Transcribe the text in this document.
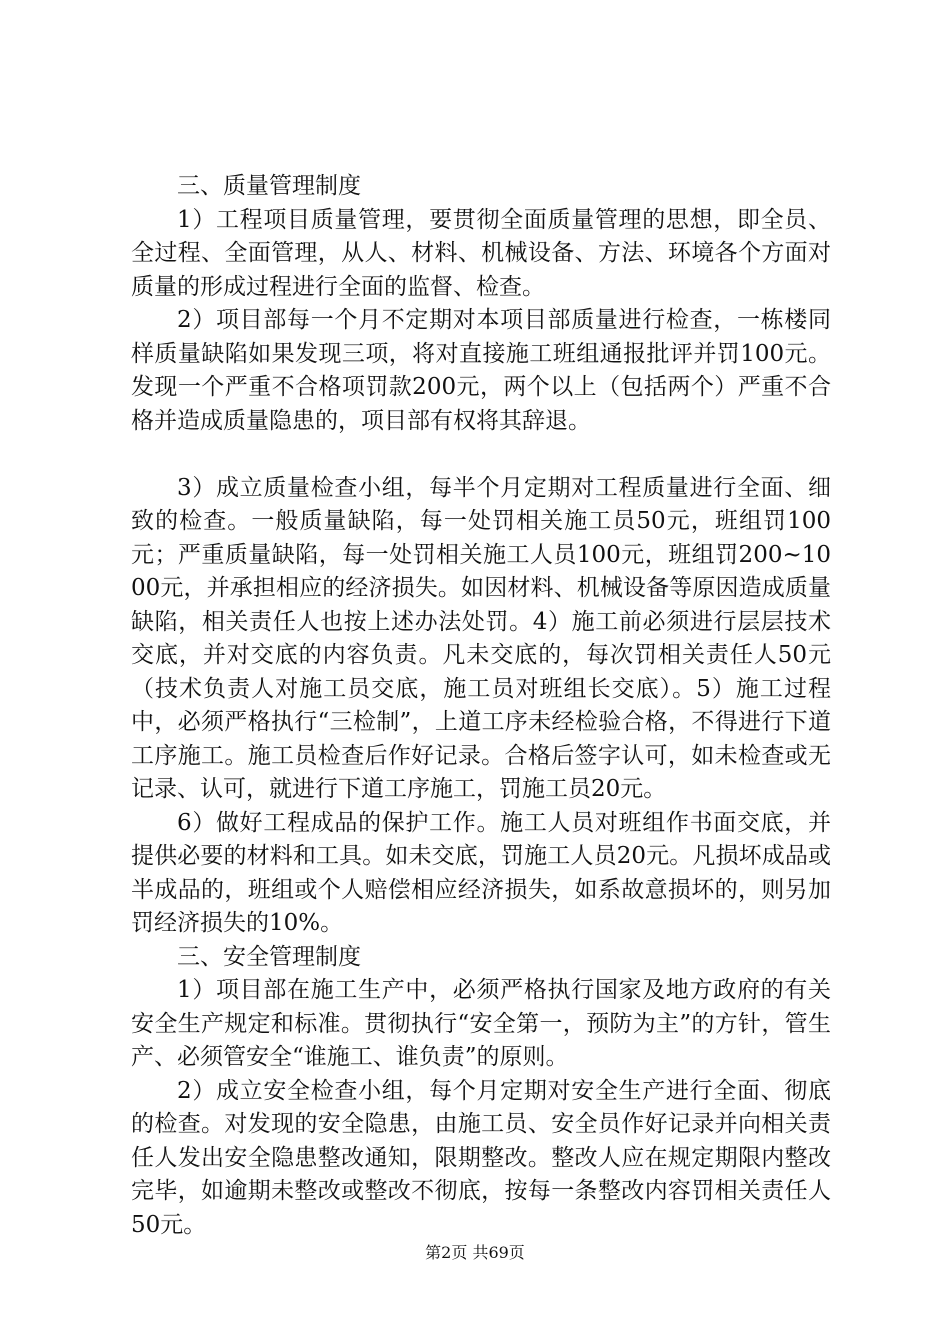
三、质量管理制度

1）工程项目质量管理，要贯彻全面质量管理的思想，即全员、全过程、全面管理，从人、材料、机械设备、方法、环境各个方面对质量的形成过程进行全面的监督、检查。

2）项目部每一个月不定期对本项目部质量进行检查，一栋楼同样质量缺陷如果发现三项，将对直接施工班组通报批评并罚100元。发现一个严重不合格项罚款200元，两个以上（包括两个）严重不合格并造成质量隐患的，项目部有权将其辞退。

3）成立质量检查小组，每半个月定期对工程质量进行全面、细致的检查。一般质量缺陷，每一处罚相关施工员50元，班组罚100元；严重质量缺陷，每一处罚相关施工人员100元，班组罚200~1000元，并承担相应的经济损失。如因材料、机械设备等原因造成质量缺陷，相关责任人也按上述办法处罚。4）施工前必须进行层层技术交底，并对交底的内容负责。凡未交底的，每次罚相关责任人50元（技术负责人对施工员交底，施工员对班组长交底）。5）施工过程中，必须严格执行“三检制”，上道工序未经检验合格，不得进行下道工序施工。施工员检查后作好记录。合格后签字认可，如未检查或无记录、认可，就进行下道工序施工，罚施工员20元。

6）做好工程成品的保护工作。施工人员对班组作书面交底，并提供必要的材料和工具。如未交底，罚施工人员20元。凡损坏成品或半成品的，班组或个人赔偿相应经济损失，如系故意损坏的，则另加罚经济损失的10%。

三、安全管理制度

1）项目部在施工生产中，必须严格执行国家及地方政府的有关安全生产规定和标准。贯彻执行“安全第一，预防为主”的方针，管生产、必须管安全“谁施工、谁负责”的原则。

2）成立安全检查小组，每个月定期对安全生产进行全面、彻底的检查。对发现的安全隐患，由施工员、安全员作好记录并向相关责任人发出安全隐患整改通知，限期整改。整改人应在规定期限内整改完毕，如逾期未整改或整改不彻底，按每一条整改内容罚相关责任人50元。

第2页 共69页
